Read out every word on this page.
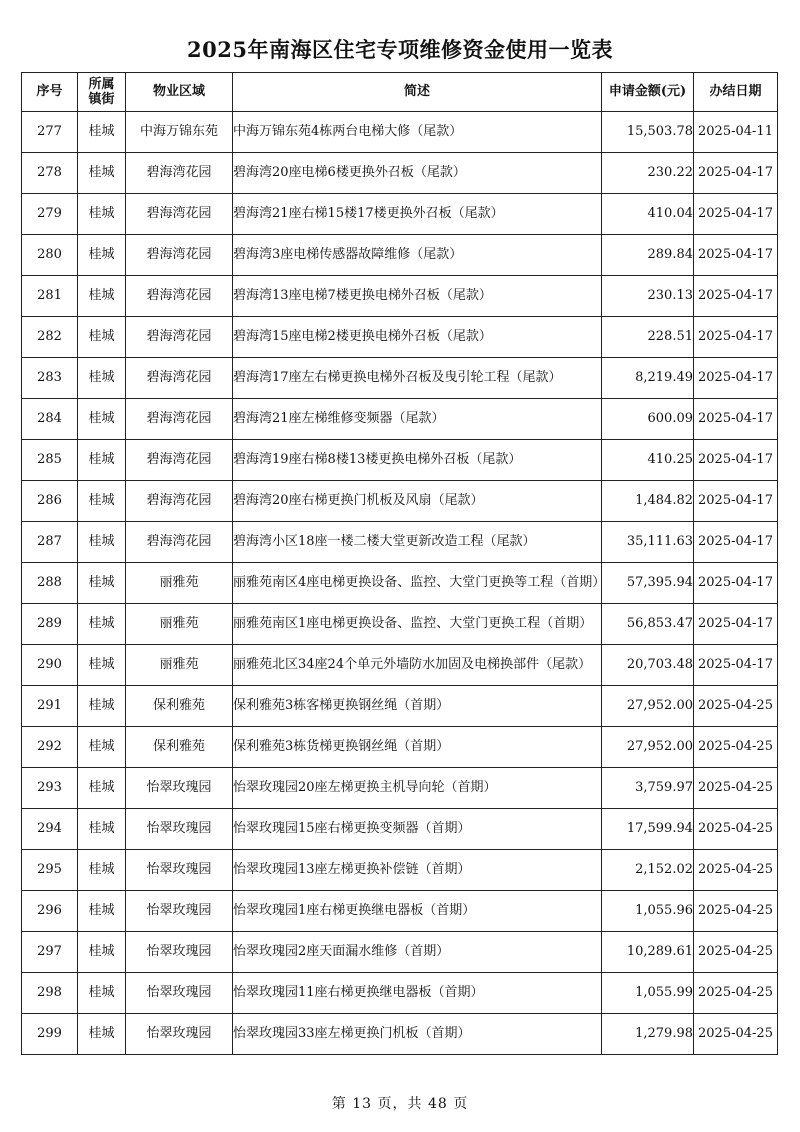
2025年南海区住宅专项维修资金使用一览表
序号	所属镇街	物业区域	简述	申请金额(元)	办结日期
277	桂城	中海万锦东苑	中海万锦东苑4栋两台电梯大修（尾款）	15,503.78	2025-04-11
278	桂城	碧海湾花园	碧海湾20座电梯6楼更换外召板（尾款）	230.22	2025-04-17
279	桂城	碧海湾花园	碧海湾21座右梯15楼17楼更换外召板（尾款）	410.04	2025-04-17
280	桂城	碧海湾花园	碧海湾3座电梯传感器故障维修（尾款）	289.84	2025-04-17
281	桂城	碧海湾花园	碧海湾13座电梯7楼更换电梯外召板（尾款）	230.13	2025-04-17
282	桂城	碧海湾花园	碧海湾15座电梯2楼更换电梯外召板（尾款）	228.51	2025-04-17
283	桂城	碧海湾花园	碧海湾17座左右梯更换电梯外召板及曳引轮工程（尾款）	8,219.49	2025-04-17
284	桂城	碧海湾花园	碧海湾21座左梯维修变频器（尾款）	600.09	2025-04-17
285	桂城	碧海湾花园	碧海湾19座右梯8楼13楼更换电梯外召板（尾款）	410.25	2025-04-17
286	桂城	碧海湾花园	碧海湾20座右梯更换门机板及风扇（尾款）	1,484.82	2025-04-17
287	桂城	碧海湾花园	碧海湾小区18座一楼二楼大堂更新改造工程（尾款）	35,111.63	2025-04-17
288	桂城	丽雅苑	丽雅苑南区4座电梯更换设备、监控、大堂门更换等工程（首期）	57,395.94	2025-04-17
289	桂城	丽雅苑	丽雅苑南区1座电梯更换设备、监控、大堂门更换工程（首期）	56,853.47	2025-04-17
290	桂城	丽雅苑	丽雅苑北区34座24个单元外墙防水加固及电梯换部件（尾款）	20,703.48	2025-04-17
291	桂城	保利雅苑	保利雅苑3栋客梯更换钢丝绳（首期）	27,952.00	2025-04-25
292	桂城	保利雅苑	保利雅苑3栋货梯更换钢丝绳（首期）	27,952.00	2025-04-25
293	桂城	怡翠玫瑰园	怡翠玫瑰园20座左梯更换主机导向轮（首期）	3,759.97	2025-04-25
294	桂城	怡翠玫瑰园	怡翠玫瑰园15座右梯更换变频器（首期）	17,599.94	2025-04-25
295	桂城	怡翠玫瑰园	怡翠玫瑰园13座左梯更换补偿链（首期）	2,152.02	2025-04-25
296	桂城	怡翠玫瑰园	怡翠玫瑰园1座右梯更换继电器板（首期）	1,055.96	2025-04-25
297	桂城	怡翠玫瑰园	怡翠玫瑰园2座天面漏水维修（首期）	10,289.61	2025-04-25
298	桂城	怡翠玫瑰园	怡翠玫瑰园11座右梯更换继电器板（首期）	1,055.99	2025-04-25
299	桂城	怡翠玫瑰园	怡翠玫瑰园33座左梯更换门机板（首期）	1,279.98	2025-04-25
第 13 页，共 48 页
